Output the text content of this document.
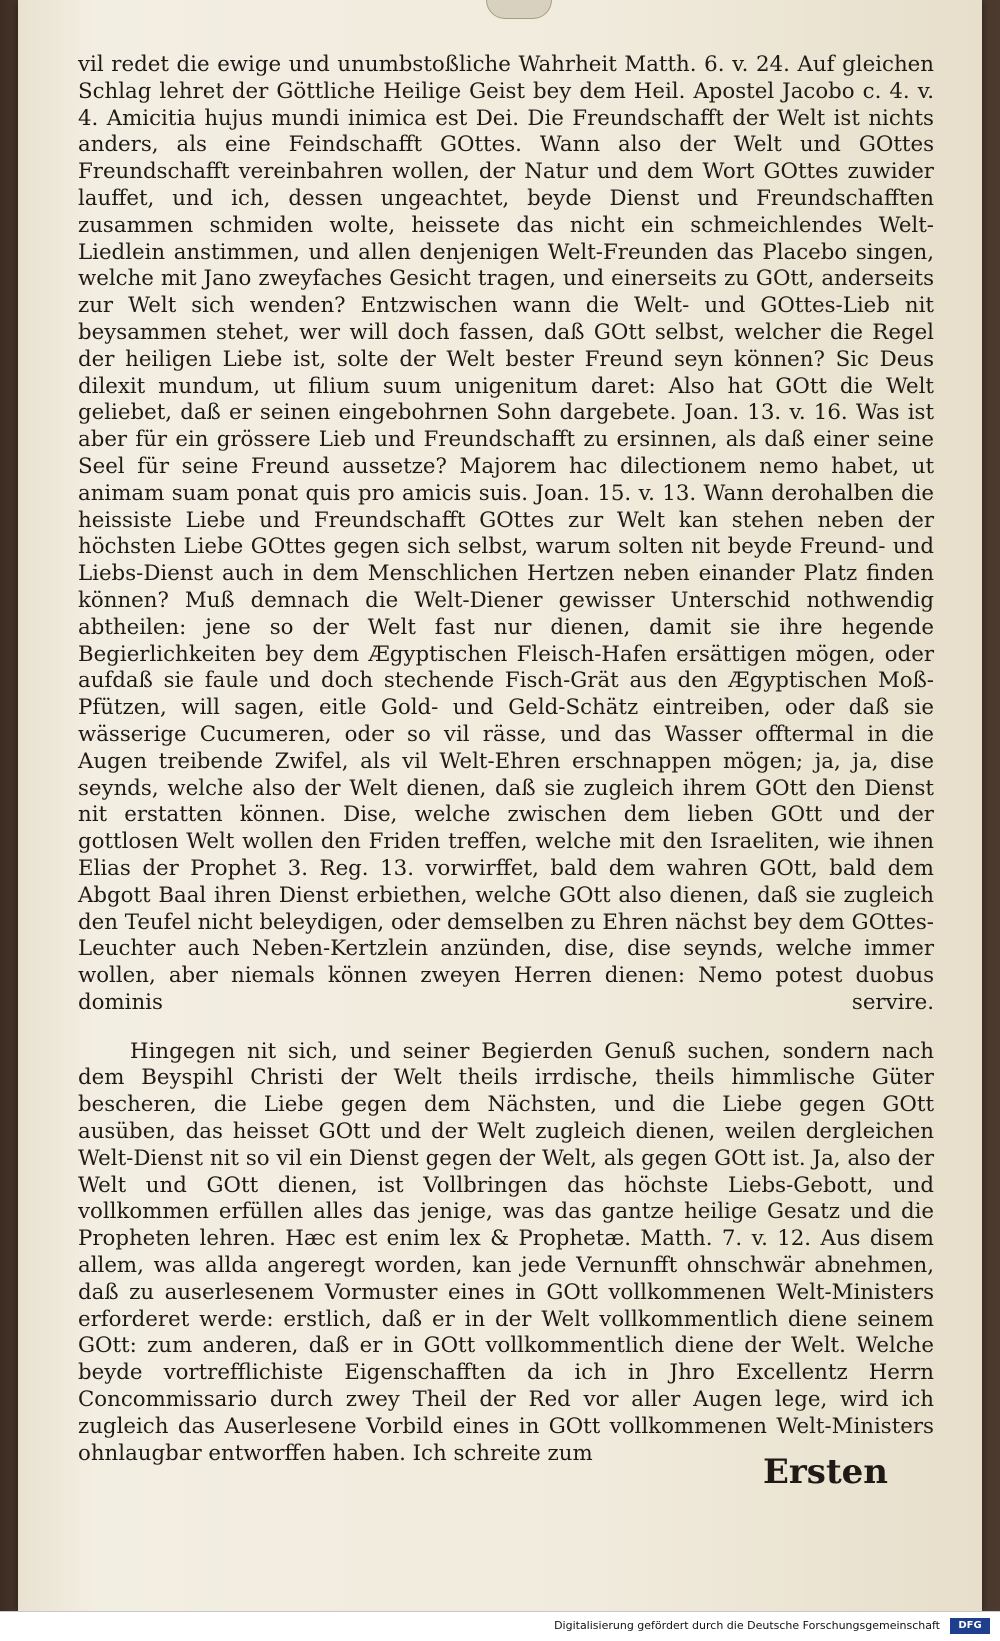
vil redet die ewige und unumbstoßliche Wahrheit Matth. 6. v. 24. Auf gleichen Schlag lehret der Göttliche Heilige Geist bey dem Heil. Apostel Jacobo c. 4. v. 4. Amicitia hujus mundi inimica est Dei. Die Freundschafft der Welt ist nichts anders, als eine Feindschafft GOttes. Wann also der Welt und GOttes Freundschafft vereinbahren wollen, der Natur und dem Wort GOttes zuwider lauffet, und ich, dessen ungeachtet, beyde Dienst und Freundschafften zusammen schmiden wolte, heissete das nicht ein schmeichlendes Welt-Liedlein anstimmen, und allen denjenigen Welt-Freunden das Placebo singen, welche mit Jano zweyfaches Gesicht tragen, und einerseits zu GOtt, anderseits zur Welt sich wenden? Entzwischen wann die Welt- und GOttes-Lieb nit beysammen stehet, wer will doch fassen, daß GOtt selbst, welcher die Regel der heiligen Liebe ist, solte der Welt bester Freund seyn können? Sic Deus dilexit mundum, ut filium suum unigenitum daret: Also hat GOtt die Welt geliebet, daß er seinen eingebohrnen Sohn dargebete. Joan. 13. v. 16. Was ist aber für ein grössere Lieb und Freundschafft zu ersinnen, als daß einer seine Seel für seine Freund aussetze? Majorem hac dilectionem nemo habet, ut animam suam ponat quis pro amicis suis. Joan. 15. v. 13. Wann derohalben die heissiste Liebe und Freundschafft GOttes zur Welt kan stehen neben der höchsten Liebe GOttes gegen sich selbst, warum solten nit beyde Freund- und Liebs-Dienst auch in dem Menschlichen Hertzen neben einander Platz finden können? Muß demnach die Welt-Diener gewisser Unterschid nothwendig abtheilen: jene so der Welt fast nur dienen, damit sie ihre hegende Begierlichkeiten bey dem Ægyptischen Fleisch-Hafen ersättigen mögen, oder aufdaß sie faule und doch stechende Fisch-Grät aus den Ægyptischen Moß-Pfützen, will sagen, eitle Gold- und Geld-Schätz eintreiben, oder daß sie wässerige Cucumeren, oder so vil rässe, und das Wasser offtermal in die Augen treibende Zwifel, als vil Welt-Ehren erschnappen mögen; ja, ja, dise seynds, welche also der Welt dienen, daß sie zugleich ihrem GOtt den Dienst nit erstatten können. Dise, welche zwischen dem lieben GOtt und der gottlosen Welt wollen den Friden treffen, welche mit den Israeliten, wie ihnen Elias der Prophet 3. Reg. 13. vorwirffet, bald dem wahren GOtt, bald dem Abgott Baal ihren Dienst erbiethen, welche GOtt also dienen, daß sie zugleich den Teufel nicht beleydigen, oder demselben zu Ehren nächst bey dem GOttes-Leuchter auch Neben-Kertzlein anzünden, dise, dise seynds, welche immer wollen, aber niemals können zweyen Herren dienen: Nemo potest duobus dominis servire.

Hingegen nit sich, und seiner Begierden Genuß suchen, sondern nach dem Beyspihl Christi der Welt theils irrdische, theils himmlische Güter bescheren, die Liebe gegen dem Nächsten, und die Liebe gegen GOtt ausüben, das heisset GOtt und der Welt zugleich dienen, weilen dergleichen Welt-Dienst nit so vil ein Dienst gegen der Welt, als gegen GOtt ist. Ja, also der Welt und GOtt dienen, ist Vollbringen das höchste Liebs-Gebott, und vollkommen erfüllen alles das jenige, was das gantze heilige Gesatz und die Propheten lehren. Hæc est enim lex & Prophetæ. Matth. 7. v. 12. Aus disem allem, was allda angeregt worden, kan jede Vernunfft ohnschwär abnehmen, daß zu auserlesenem Vormuster eines in GOtt vollkommenen Welt-Ministers erforderet werde: erstlich, daß er in der Welt vollkommentlich diene seinem GOtt: zum anderen, daß er in GOtt vollkommentlich diene der Welt. Welche beyde vortrefflichiste Eigenschafften da ich in Jhro Excellentz Herrn Concommissario durch zwey Theil der Red vor aller Augen lege, wird ich zugleich das Auserlesene Vorbild eines in GOtt vollkommenen Welt-Ministers ohnlaugbar entworffen haben. Ich schreite zum	Ersten
Digitalisierung gefördert durch die Deutsche Forschungsgemeinschaft	DFG
